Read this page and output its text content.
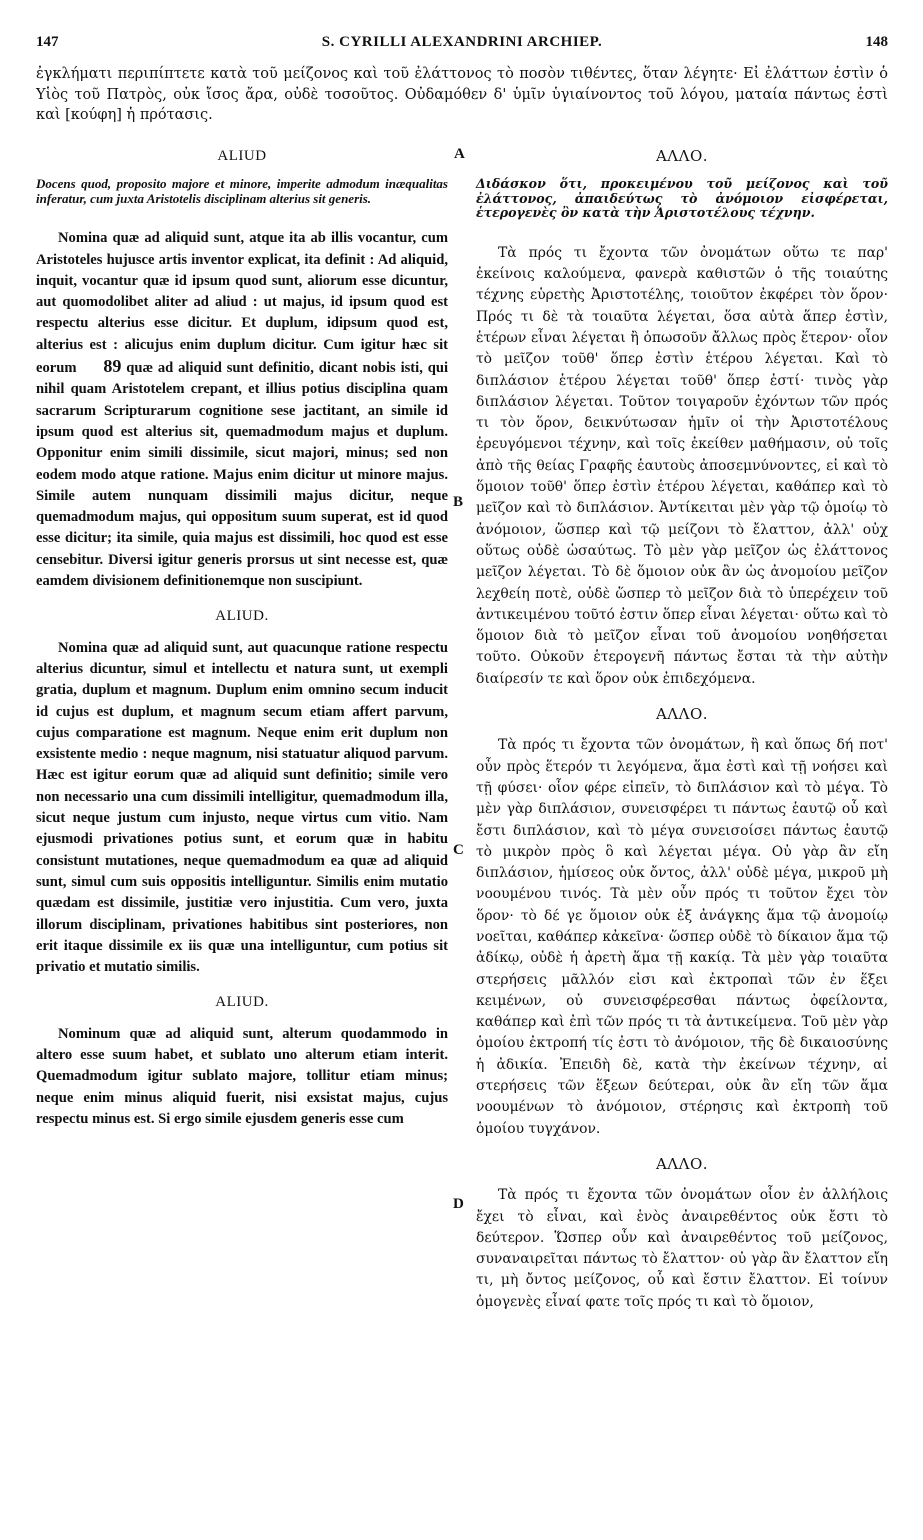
147	S. CYRILLI ALEXANDRINI ARCHIEP.	148
ἐγκλήματι περιπίπτετε κατὰ τοῦ μείζονος καὶ τοῦ ἐλάττονος τὸ ποσὸν τιθέντες, ὅταν λέγητε· Εἰ ἐλάττων ἐστὶν ὁ Υἱὸς τοῦ Πατρὸς, οὐκ ἴσος ἄρα, οὐδὲ τοσοῦτος. Οὐδαμόθεν δ' ὑμῖν ὑγιαίνοντος τοῦ λόγου, ματαία πάντως ἐστὶ καὶ [κούφη] ἡ πρότασις.
A
B
C
D
ALIUD
Docens quod, proposito majore et minore, imperite admodum inæqualitas inferatur, cum juxta Aristotelis disciplinam alterius sit generis.
Nomina quæ ad aliquid sunt, atque ita ab illis vocantur, cum Aristoteles hujusce artis inventor explicat, ita definit : Ad aliquid, inquit, vocantur quæ id ipsum quod sunt, aliorum esse dicuntur, aut quomodolibet aliter ad aliud : ut majus, id ipsum quod est respectu alterius esse dicitur. Et duplum, idipsum quod est, alterius est : alicujus enim duplum dicitur. Cum igitur hæc sit eorum 89 quæ ad aliquid sunt definitio, dicant nobis isti, qui nihil quam Aristotelem crepant, et illius potius disciplina quam sacrarum Scripturarum cognitione sese jactitant, an simile id ipsum quod est alterius sit, quemadmodum majus et duplum. Opponitur enim simili dissimile, sicut majori, minus; sed non eodem modo atque ratione. Majus enim dicitur ut minore majus. Simile autem nunquam dissimili majus dicitur, neque quemadmodum majus, qui oppositum suum superat, est id quod esse dicitur; ita simile, quia majus est dissimili, hoc quod est esse censebitur. Diversi igitur generis prorsus ut sint necesse est, quæ eamdem divisionem definitionemque non suscipiunt.
ALIUD.
Nomina quæ ad aliquid sunt, aut quacunque ratione respectu alterius dicuntur, simul et intellectu et natura sunt, ut exempli gratia, duplum et magnum. Duplum enim omnino secum inducit id cujus est duplum, et magnum secum etiam affert parvum, cujus comparatione est magnum. Neque enim erit duplum non exsistente medio : neque magnum, nisi statuatur aliquod parvum. Hæc est igitur eorum quæ ad aliquid sunt definitio; simile vero non necessario una cum dissimili intelligitur, quemadmodum illa, sicut neque justum cum injusto, neque virtus cum vitio. Nam ejusmodi privationes potius sunt, et eorum quæ in habitu consistunt mutationes, neque quemadmodum ea quæ ad aliquid sunt, simul cum suis oppositis intelliguntur. Similis enim mutatio quædam est dissimile, justitiæ vero injustitia. Cum vero, juxta illorum disciplinam, privationes habitibus sint posteriores, non erit itaque dissimile ex iis quæ una intelliguntur, cum potius sit privatio et mutatio similis.
ALIUD.
Nominum quæ ad aliquid sunt, alterum quodammodo in altero esse suum habet, et sublato uno alterum etiam interit. Quemadmodum igitur sublato majore, tollitur etiam minus; neque enim minus aliquid fuerit, nisi exsistat majus, cujus respectu minus est. Si ergo simile ejusdem generis esse cum
ΑΛΛΟ.
Διδάσκον ὅτι, προκειμένου τοῦ μείζονος καὶ τοῦ ἐλάττονος, ἀπαιδεύτως τὸ ἀνόμοιον εἰσφέρεται, ἑτερογενὲς ὂν κατὰ τὴν Ἀριστοτέλους τέχνην.
Τὰ πρός τι ἔχοντα τῶν ὀνομάτων οὕτω τε παρ' ἐκείνοις καλούμενα, φανερὰ καθιστῶν ὁ τῆς τοιαύτης τέχνης εὑρετὴς Ἀριστοτέλης, τοιοῦτον ἐκφέρει τὸν ὅρον· Πρός τι δὲ τὰ τοιαῦτα λέγεται, ὅσα αὐτὰ ἅπερ ἐστὶν, ἑτέρων εἶναι λέγεται ἢ ὁπωσοῦν ἄλλως πρὸς ἕτερον· οἷον τὸ μεῖζον τοῦθ' ὅπερ ἐστὶν ἑτέρου λέγεται. Καὶ τὸ διπλάσιον ἑτέρου λέγεται τοῦθ' ὅπερ ἐστί· τινὸς γὰρ διπλάσιον λέγεται. Τοῦτον τοιγαροῦν ἐχόντων τῶν πρός τι τὸν ὅρον, δεικνύτωσαν ἡμῖν οἱ τὴν Ἀριστοτέλους ἐρευγόμενοι τέχνην, καὶ τοῖς ἐκείθεν μαθήμασιν, οὐ τοῖς ἀπὸ τῆς θείας Γραφῆς ἑαυτοὺς ἀποσεμνύνοντες, εἰ καὶ τὸ ὅμοιον τοῦθ' ὅπερ ἐστὶν ἑτέρου λέγεται, καθάπερ καὶ τὸ μεῖζον καὶ τὸ διπλάσιον. Ἀντίκειται μὲν γὰρ τῷ ὁμοίῳ τὸ ἀνόμοιον, ὥσπερ καὶ τῷ μείζονι τὸ ἔλαττον, ἀλλ' οὐχ οὕτως οὐδὲ ὡσαύτως. Τὸ μὲν γὰρ μεῖζον ὡς ἐλάττονος μεῖζον λέγεται. Τὸ δὲ ὅμοιον οὐκ ἂν ὡς ἀνομοίου μεῖζον λεχθείη ποτὲ, οὐδὲ ὥσπερ τὸ μεῖζον διὰ τὸ ὑπερέχειν τοῦ ἀντικειμένου τοῦτό ἐστιν ὅπερ εἶναι λέγεται· οὕτω καὶ τὸ ὅμοιον διὰ τὸ μεῖζον εἶναι τοῦ ἀνομοίου νοηθήσεται τοῦτο. Οὐκοῦν ἑτερογενῆ πάντως ἔσται τὰ τὴν αὐτὴν διαίρεσίν τε καὶ ὅρον οὐκ ἐπιδεχόμενα.
ΑΛΛΟ.
Τὰ πρός τι ἔχοντα τῶν ὀνομάτων, ἢ καὶ ὅπως δή ποτ' οὖν πρὸς ἕτερόν τι λεγόμενα, ἅμα ἐστὶ καὶ τῇ νοήσει καὶ τῇ φύσει· οἷον φέρε εἰπεῖν, τὸ διπλάσιον καὶ τὸ μέγα. Τὸ μὲν γὰρ διπλάσιον, συνεισφέρει τι πάντως ἑαυτῷ οὗ καὶ ἔστι διπλάσιον, καὶ τὸ μέγα συνεισοίσει πάντως ἑαυτῷ τὸ μικρὸν πρὸς ὃ καὶ λέγεται μέγα. Οὐ γὰρ ἂν εἴη διπλάσιον, ἡμίσεος οὐκ ὄντος, ἀλλ' οὐδὲ μέγα, μικροῦ μὴ νοουμένου τινός. Τὰ μὲν οὖν πρός τι τοῦτον ἔχει τὸν ὅρον· τὸ δέ γε ὅμοιον οὐκ ἐξ ἀνάγκης ἅμα τῷ ἀνομοίῳ νοεῖται, καθάπερ κἀκεῖνα· ὥσπερ οὐδὲ τὸ δίκαιον ἅμα τῷ ἀδίκῳ, οὐδὲ ἡ ἀρετὴ ἅμα τῇ κακίᾳ. Τὰ μὲν γὰρ τοιαῦτα στερήσεις μᾶλλόν εἰσι καὶ ἐκτροπαὶ τῶν ἐν ἕξει κειμένων, οὐ συνεισφέρεσθαι πάντως ὀφείλοντα, καθάπερ καὶ ἐπὶ τῶν πρός τι τὰ ἀντικείμενα. Τοῦ μὲν γὰρ ὁμοίου ἐκτροπή τίς ἐστι τὸ ἀνόμοιον, τῆς δὲ δικαιοσύνης ἡ ἀδικία. Ἐπειδὴ δὲ, κατὰ τὴν ἐκείνων τέχνην, αἱ στερήσεις τῶν ἕξεων δεύτεραι, οὐκ ἂν εἴη τῶν ἅμα νοουμένων τὸ ἀνόμοιον, στέρησις καὶ ἐκτροπὴ τοῦ ὁμοίου τυγχάνον.
ΑΛΛΟ.
Τὰ πρός τι ἔχοντα τῶν ὀνομάτων οἷον ἐν ἀλλήλοις ἔχει τὸ εἶναι, καὶ ἑνὸς ἀναιρεθέντος οὐκ ἔστι τὸ δεύτερον. Ὥσπερ οὖν καὶ ἀναιρεθέντος τοῦ μείζονος, συναναιρεῖται πάντως τὸ ἔλαττον· οὐ γὰρ ἂν ἔλαττον εἴη τι, μὴ ὄντος μείζονος, οὗ καὶ ἔστιν ἔλαττον. Εἰ τοίνυν ὁμογενὲς εἶναί φατε τοῖς πρός τι καὶ τὸ ὅμοιον,
